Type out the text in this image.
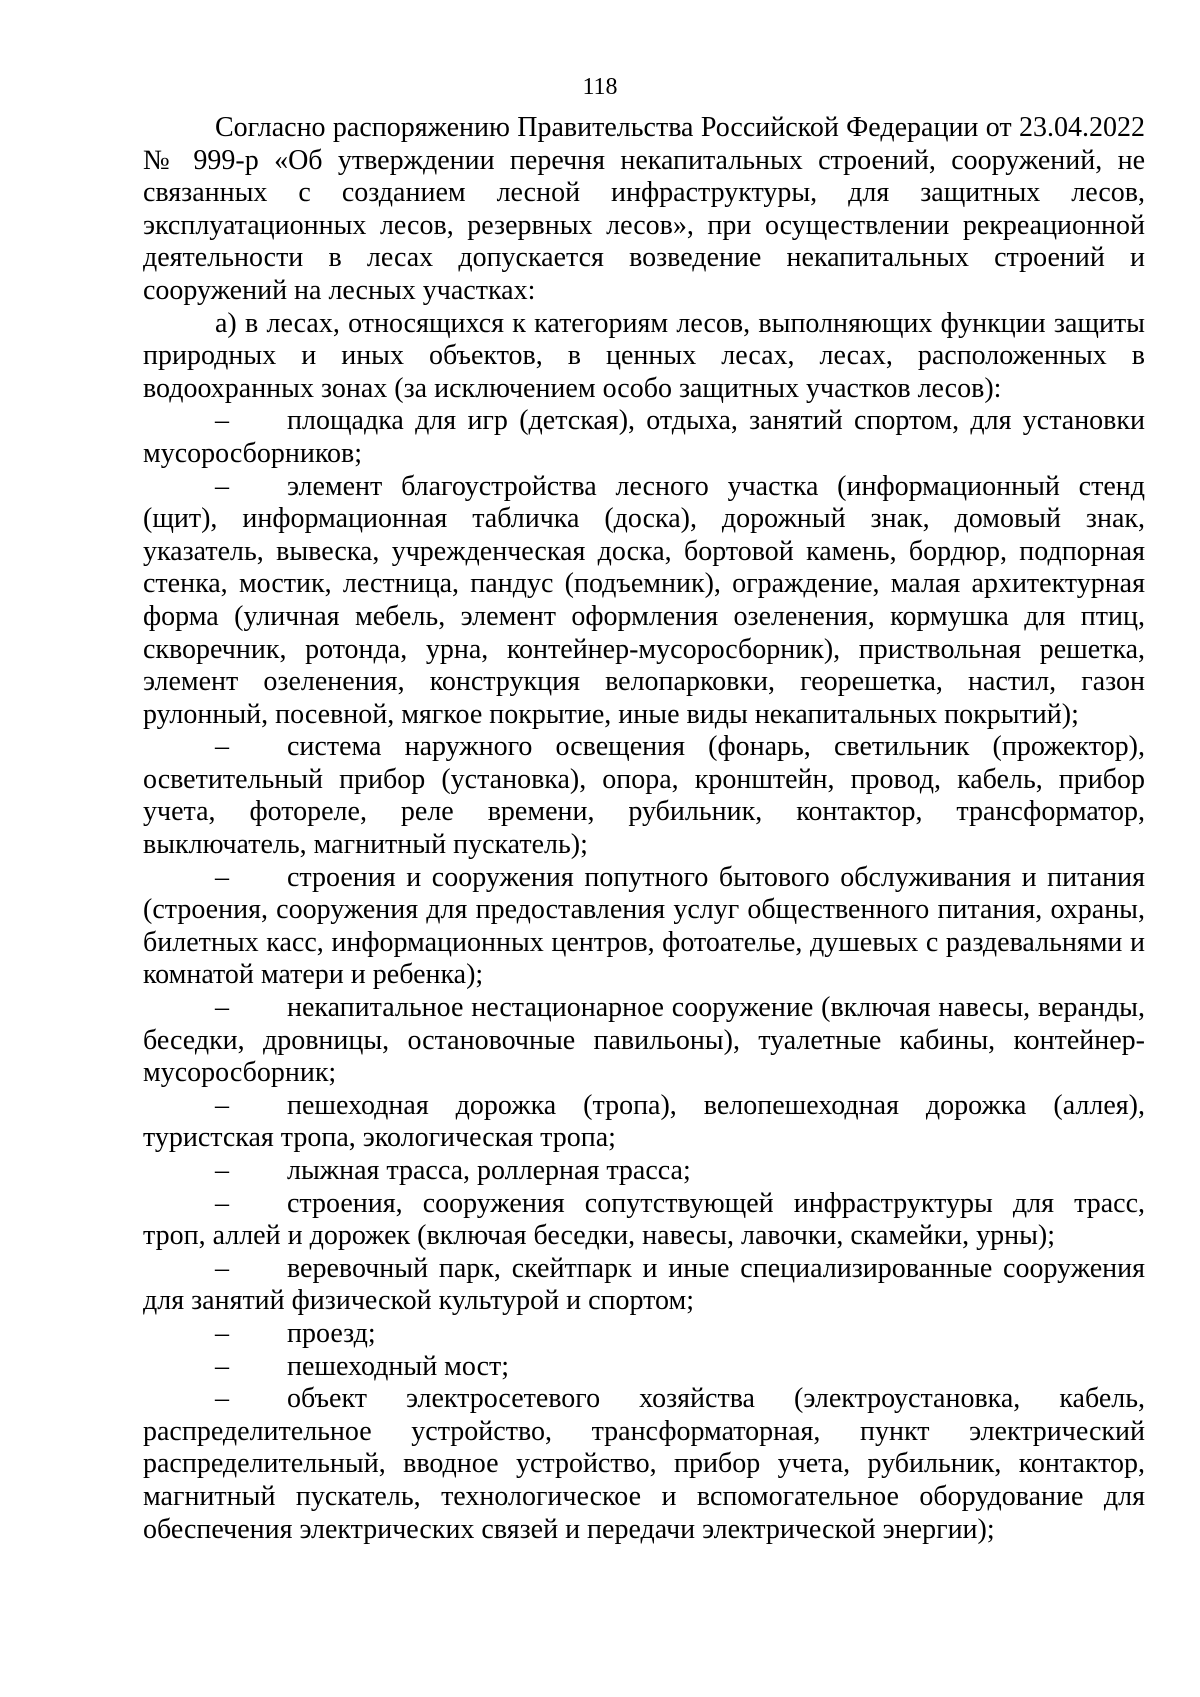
118

Согласно распоряжению Правительства Российской Федерации от 23.04.2022 № 999-р «Об утверждении перечня некапитальных строений, сооружений, не связанных с созданием лесной инфраструктуры, для защитных лесов, эксплуатационных лесов, резервных лесов», при осуществлении рекреационной деятельности в лесах допускается возведение некапитальных строений и сооружений на лесных участках:

а) в лесах, относящихся к категориям лесов, выполняющих функции защиты природных и иных объектов, в ценных лесах, лесах, расположенных в водоохранных зонах (за исключением особо защитных участков лесов):

– площадка для игр (детская), отдыха, занятий спортом, для установки мусоросборников;

– элемент благоустройства лесного участка (информационный стенд (щит), информационная табличка (доска), дорожный знак, домовый знак, указатель, вывеска, учрежденческая доска, бортовой камень, бордюр, подпорная стенка, мостик, лестница, пандус (подъемник), ограждение, малая архитектурная форма (уличная мебель, элемент оформления озеленения, кормушка для птиц, скворечник, ротонда, урна, контейнер-мусоросборник), приствольная решетка, элемент озеленения, конструкция велопарковки, георешетка, настил, газон рулонный, посевной, мягкое покрытие, иные виды некапитальных покрытий);

– система наружного освещения (фонарь, светильник (прожектор), осветительный прибор (установка), опора, кронштейн, провод, кабель, прибор учета, фотореле, реле времени, рубильник, контактор, трансформатор, выключатель, магнитный пускатель);

– строения и сооружения попутного бытового обслуживания и питания (строения, сооружения для предоставления услуг общественного питания, охраны, билетных касс, информационных центров, фотоателье, душевых с раздевальнями и комнатой матери и ребенка);

– некапитальное нестационарное сооружение (включая навесы, веранды, беседки, дровницы, остановочные павильоны), туалетные кабины, контейнер-мусоросборник;

– пешеходная дорожка (тропа), велопешеходная дорожка (аллея), туристская тропа, экологическая тропа;

– лыжная трасса, роллерная трасса;

– строения, сооружения сопутствующей инфраструктуры для трасс, троп, аллей и дорожек (включая беседки, навесы, лавочки, скамейки, урны);

– веревочный парк, скейтпарк и иные специализированные сооружения для занятий физической культурой и спортом;

– проезд;

– пешеходный мост;

– объект электросетевого хозяйства (электроустановка, кабель, распределительное устройство, трансформаторная, пункт электрический распределительный, вводное устройство, прибор учета, рубильник, контактор, магнитный пускатель, технологическое и вспомогательное оборудование для обеспечения электрических связей и передачи электрической энергии);
